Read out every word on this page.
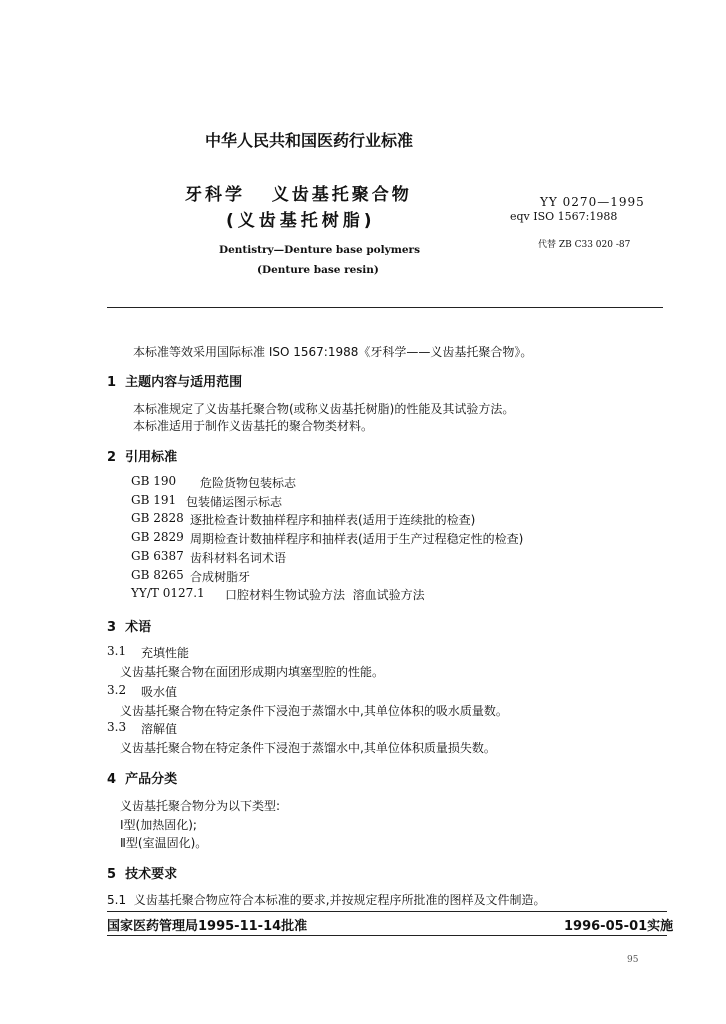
中华人民共和国医药行业标准
牙科学   义齿基托聚合物
(义齿基托树脂)
Dentistry—Denture base polymers
(Denture base resin)
YY 0270—1995
eqv ISO 1567:1988
代替 ZB C33 020 -87
本标准等效采用国际标准 ISO 1567:1988《牙科学——义齿基托聚合物》。
1  主题内容与适用范围
本标准规定了义齿基托聚合物(或称义齿基托树脂)的性能及其试验方法。
本标准适用于制作义齿基托的聚合物类材料。
2  引用标准
GB 190 危险货物包装标志
GB 191 包装储运图示标志
GB 2828 逐批检查计数抽样程序和抽样表(适用于连续批的检查)
GB 2829 周期检查计数抽样程序和抽样表(适用于生产过程稳定性的检查)
GB 6387 齿科材料名词术语
GB 8265 合成树脂牙
YY/T 0127.1 口腔材料生物试验方法  溶血试验方法
3  术语
3.1 充填性能
义齿基托聚合物在面团形成期内填塞型腔的性能。
3.2 吸水值
义齿基托聚合物在特定条件下浸泡于蒸馏水中,其单位体积的吸水质量数。
3.3 溶解值
义齿基托聚合物在特定条件下浸泡于蒸馏水中,其单位体积质量损失数。
4  产品分类
义齿基托聚合物分为以下类型:
Ⅰ型(加热固化);
Ⅱ型(室温固化)。
5  技术要求
5.1  义齿基托聚合物应符合本标准的要求,并按规定程序所批准的图样及文件制造。
国家医药管理局1995-11-14批准	1996-05-01实施
95
